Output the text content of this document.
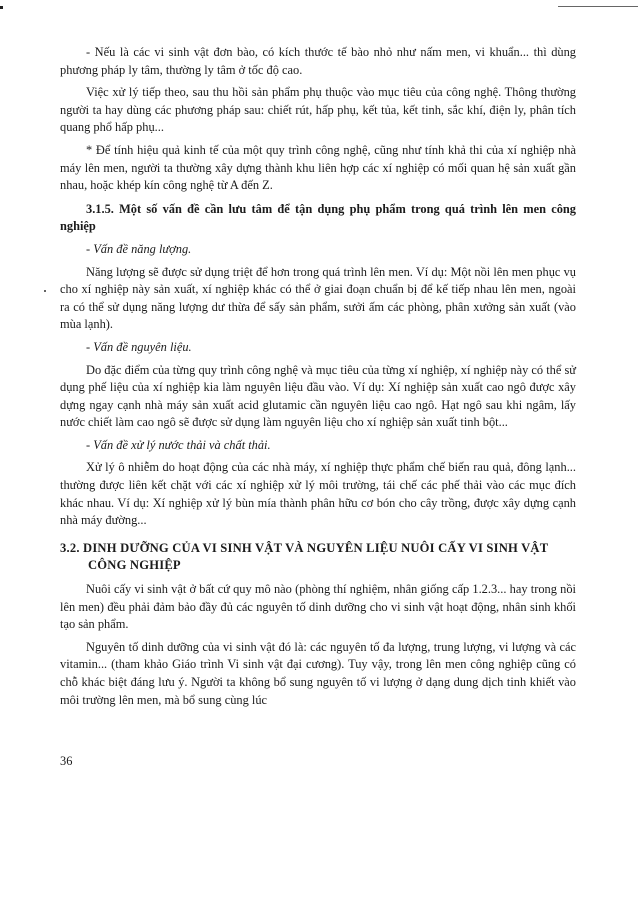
- Nếu là các vi sinh vật đơn bào, có kích thước tế bào nhỏ như nấm men, vi khuẩn... thì dùng phương pháp ly tâm, thường ly tâm ở tốc độ cao.

Việc xử lý tiếp theo, sau thu hồi sản phẩm phụ thuộc vào mục tiêu của công nghệ. Thông thường người ta hay dùng các phương pháp sau: chiết rút, hấp phụ, kết tủa, kết tinh, sắc khí, điện ly, phân tích quang phổ hấp phụ...

* Để tính hiệu quả kinh tế của một quy trình công nghệ, cũng như tính khả thi của xí nghiệp nhà máy lên men, người ta thường xây dựng thành khu liên hợp các xí nghiệp có mối quan hệ sản xuất gần nhau, hoặc khép kín công nghệ từ A đến Z.

3.1.5. Một số vấn đề cần lưu tâm để tận dụng phụ phẩm trong quá trình lên men công nghiệp

- Vấn đề năng lượng.

Năng lượng sẽ được sử dụng triệt để hơn trong quá trình lên men. Ví dụ: Một nồi lên men phục vụ cho xí nghiệp này sản xuất, xí nghiệp khác có thể ở giai đoạn chuẩn bị để kế tiếp nhau lên men, ngoài ra có thể sử dụng năng lượng dư thừa để sấy sản phẩm, sưởi ấm các phòng, phân xưởng sản xuất (vào mùa lạnh).

- Vấn đề nguyên liệu.

Do đặc điểm của từng quy trình công nghệ và mục tiêu của từng xí nghiệp, xí nghiệp này có thể sử dụng phế liệu của xí nghiệp kia làm nguyên liệu đầu vào. Ví dụ: Xí nghiệp sản xuất cao ngô được xây dựng ngay cạnh nhà máy sản xuất acid glutamic cần nguyên liệu cao ngô. Hạt ngô sau khi ngâm, lấy nước chiết làm cao ngô sẽ được sử dụng làm nguyên liệu cho xí nghiệp sản xuất tinh bột...

- Vấn đề xử lý nước thải và chất thải.

Xử lý ô nhiễm do hoạt động của các nhà máy, xí nghiệp thực phẩm chế biến rau quả, đông lạnh... thường được liên kết chặt với các xí nghiệp xử lý môi trường, tái chế các phế thải vào các mục đích khác nhau. Ví dụ: Xí nghiệp xử lý bùn mía thành phân hữu cơ bón cho cây trồng, được xây dựng cạnh nhà máy đường...

3.2. DINH DƯỠNG CỦA VI SINH VẬT VÀ NGUYÊN LIỆU NUÔI CẤY VI SINH VẬT CÔNG NGHIỆP

Nuôi cấy vi sinh vật ở bất cứ quy mô nào (phòng thí nghiệm, nhân giống cấp 1.2.3... hay trong nồi lên men) đều phải đảm bảo đầy đủ các nguyên tố dinh dưỡng cho vi sinh vật hoạt động, nhân sinh khối tạo sản phẩm.

Nguyên tố dinh dưỡng của vi sinh vật đó là: các nguyên tố đa lượng, trung lượng, vi lượng và các vitamin... (tham khảo Giáo trình Vi sinh vật đại cương). Tuy vậy, trong lên men công nghiệp cũng có chỗ khác biệt đáng lưu ý. Người ta không bổ sung nguyên tố vi lượng ở dạng dung dịch tinh khiết vào môi trường lên men, mà bổ sung cùng lúc

36
